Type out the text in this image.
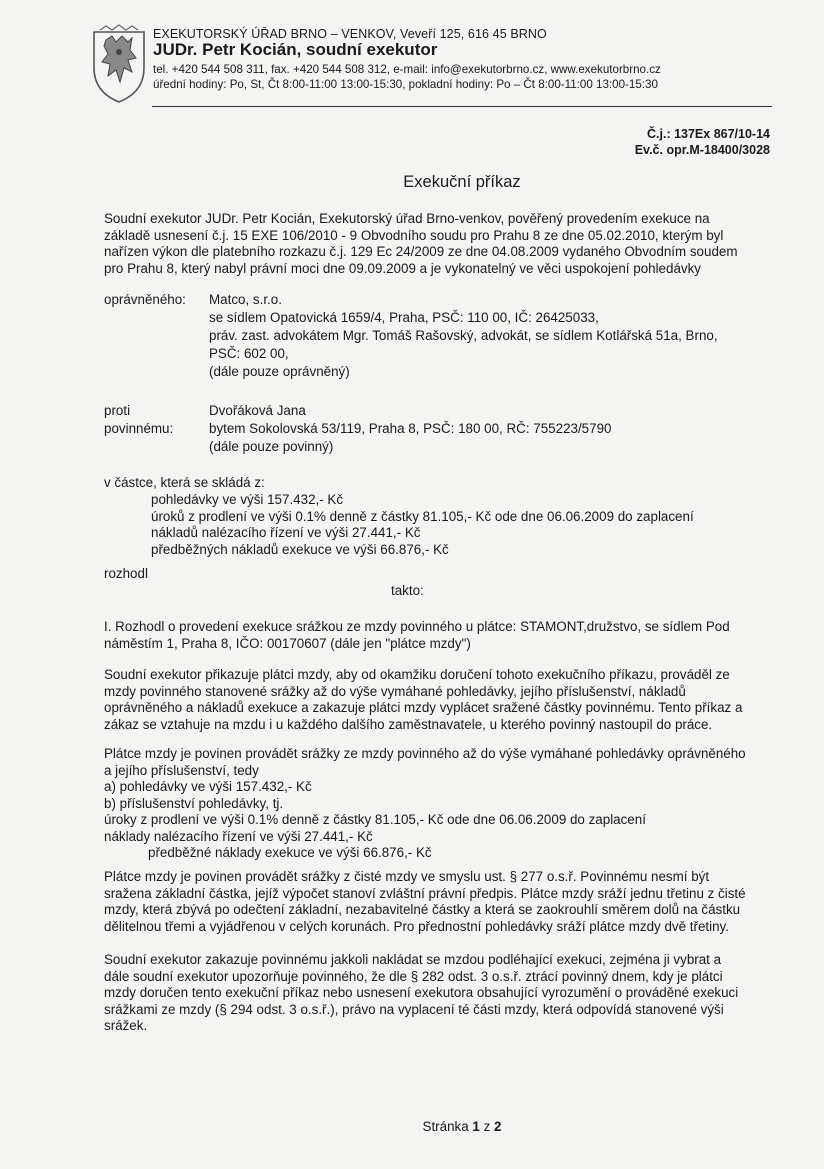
EXEKUTORSKÝ ÚŘAD BRNO – VENKOV, Veveří 125, 616 45 BRNO
JUDr. Petr Kocián, soudní exekutor
tel. +420 544 508 311, fax. +420 544 508 312, e-mail: info@exekutorbrno.cz, www.exekutorbrno.cz
úřední hodiny: Po, St, Čt 8:00-11:00 13:00-15:30, pokladní hodiny: Po – Čt 8:00-11:00 13:00-15:30
Č.j.: 137Ex 867/10-14
Ev.č. opr.M-18400/3028
Exekuční příkaz
Soudní exekutor JUDr. Petr Kocián, Exekutorský úřad Brno-venkov, pověřený provedením exekuce na
základě usnesení č.j. 15 EXE 106/2010 - 9 Obvodního soudu pro Prahu 8 ze dne 05.02.2010, kterým byl
nařízen výkon dle platebního rozkazu č.j. 129 Ec 24/2009 ze dne 04.08.2009 vydaného Obvodním soudem
pro Prahu 8, který nabyl právní moci dne 09.09.2009 a je vykonatelný ve věci uspokojení pohledávky
oprávněného: Matco, s.r.o.
se sídlem Opatovická 1659/4, Praha, PSČ: 110 00, IČ: 26425033,
práv. zast. advokátem Mgr. Tomáš Rašovský, advokát, se sídlem Kotlářská 51a, Brno,
PSČ: 602 00,
(dále pouze oprávněný)
proti
povinnému:
Dvořáková Jana
bytem Sokolovská 53/119, Praha 8, PSČ: 180 00, RČ: 755223/5790
(dále pouze povinný)
v částce, která se skládá z:
pohledávky ve výši 157.432,- Kč
úroků z prodlení ve výši 0.1% denně z částky 81.105,- Kč ode dne 06.06.2009 do zaplacení
nákladů nalézacího řízení ve výši 27.441,- Kč
předběžných nákladů exekuce ve výši 66.876,- Kč
rozhodl
takto:
I. Rozhodl o provedení exekuce srážkou ze mzdy povinného u plátce: STAMONT,družstvo, se sídlem Pod
náměstím 1, Praha 8, IČO: 00170607 (dále jen "plátce mzdy")
Soudní exekutor přikazuje plátci mzdy, aby od okamžiku doručení tohoto exekučního příkazu, prováděl ze
mzdy povinného stanovené srážky až do výše vymáhané pohledávky, jejího příslušenství, nákladů
oprávněného a nákladů exekuce a zakazuje plátci mzdy vyplácet sražené částky povinnému. Tento příkaz a
zákaz se vztahuje na mzdu i u každého dalšího zaměstnavatele, u kterého povinný nastoupil do práce.
Plátce mzdy je povinen provádět srážky ze mzdy povinného až do výše vymáhané pohledávky oprávněného
a jejího příslušenství, tedy
a) pohledávky ve výši 157.432,- Kč
b) příslušenství pohledávky, tj.
úroky z prodlení ve výši 0.1% denně z částky 81.105,- Kč ode dne 06.06.2009 do zaplacení
náklady nalézacího řízení ve výši 27.441,- Kč
předběžné náklady exekuce ve výši 66.876,- Kč
Plátce mzdy je povinen provádět srážky z čisté mzdy ve smyslu ust. § 277 o.s.ř. Povinnému nesmí být
sražena základní částka, jejíž výpočet stanoví zvláštní právní předpis. Plátce mzdy sráží jednu třetinu z čisté
mzdy, která zbývá po odečtení základní, nezabavitelné částky a která se zaokrouhlí směrem dolů na částku
dělitelnou třemi a vyjádřenou v celých korunách. Pro přednostní pohledávky sráží plátce mzdy dvě třetiny.
Soudní exekutor zakazuje povinnému jakkoli nakládat se mzdou podléhající exekuci, zejména ji vybrat a
dále soudní exekutor upozorňuje povinného, že dle § 282 odst. 3 o.s.ř. ztrácí povinný dnem, kdy je plátci
mzdy doručen tento exekuční příkaz nebo usnesení exekutora obsahující vyrozumění o prováděné exekuci
srážkami ze mzdy (§ 294 odst. 3 o.s.ř.), právo na vyplacení té části mzdy, která odpovídá stanovené výši
srážek.
Stránka 1 z 2
